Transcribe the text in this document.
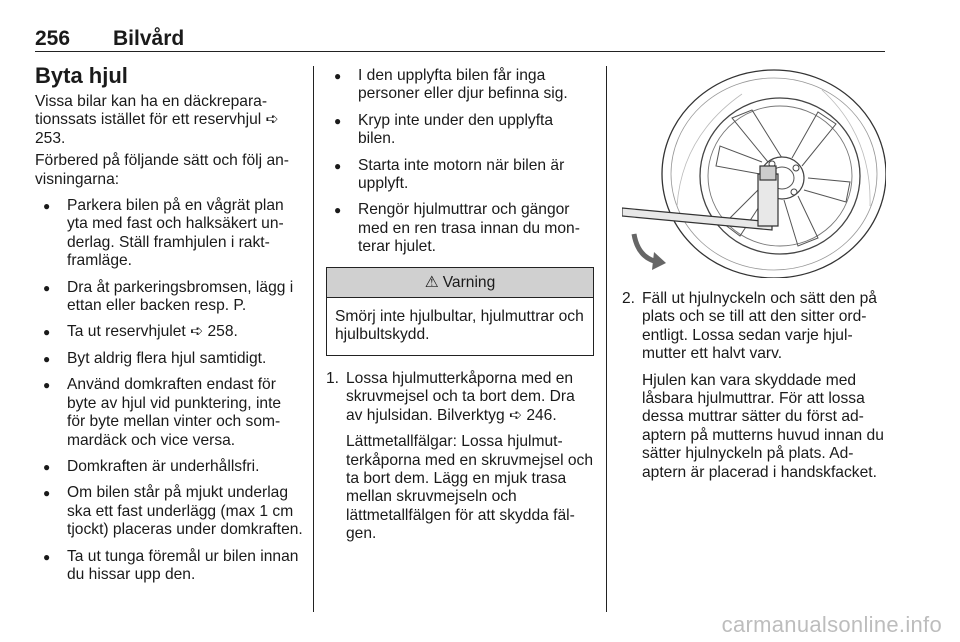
256 Bilvård
Byta hjul

Vissa bilar kan ha en däckrepara-tionssats istället för ett reservhjul ➪ 253.

Förbered på följande sätt och följ an-visningarna:

● Parkera bilen på en vågrät plan yta med fast och halksäkert un-derlag. Ställ framhjulen i rakt-framläge.
● Dra åt parkeringsbromsen, lägg i ettan eller backen resp. P.
● Ta ut reservhjulet ➪ 258.
● Byt aldrig flera hjul samtidigt.
● Använd domkraften endast för byte av hjul vid punktering, inte för byte mellan vinter och som-mardäck och vice versa.
● Domkraften är underhållsfri.
● Om bilen står på mjukt underlag ska ett fast underlägg (max 1 cm tjockt) placeras under domkraften.
● Ta ut tunga föremål ur bilen innan du hissar upp den.
● I den upplyfta bilen får inga personer eller djur befinna sig.
● Kryp inte under den upplyfta bilen.
● Starta inte motorn när bilen är upplyft.
● Rengör hjulmuttrar och gängor med en ren trasa innan du mon-terar hjulet.
⚠ Varning
Smörj inte hjulbultar, hjulmuttrar och hjulbultskydd.
1. Lossa hjulmutterkåporna med en skruvmejsel och ta bort dem. Dra av hjulsidan. Bilverktyg ➪ 246.

Lättmetallfälgar: Lossa hjulmut-terkåporna med en skruvmejsel och ta bort dem. Lägg en mjuk trasa mellan skruvmejseln och lättmetallfälgen för att skydda fäl-gen.

2. Fäll ut hjulnyckeln och sätt den på plats och se till att den sitter ord-entligt. Lossa sedan varje hjul-mutter ett halvt varv.

Hjulen kan vara skyddade med låsbara hjulmuttrar. För att lossa dessa muttrar sätter du först ad-aptern på mutterns huvud innan du sätter hjulnyckeln på plats. Ad-aptern är placerad i handskfacket.

carmanualsonline.info
